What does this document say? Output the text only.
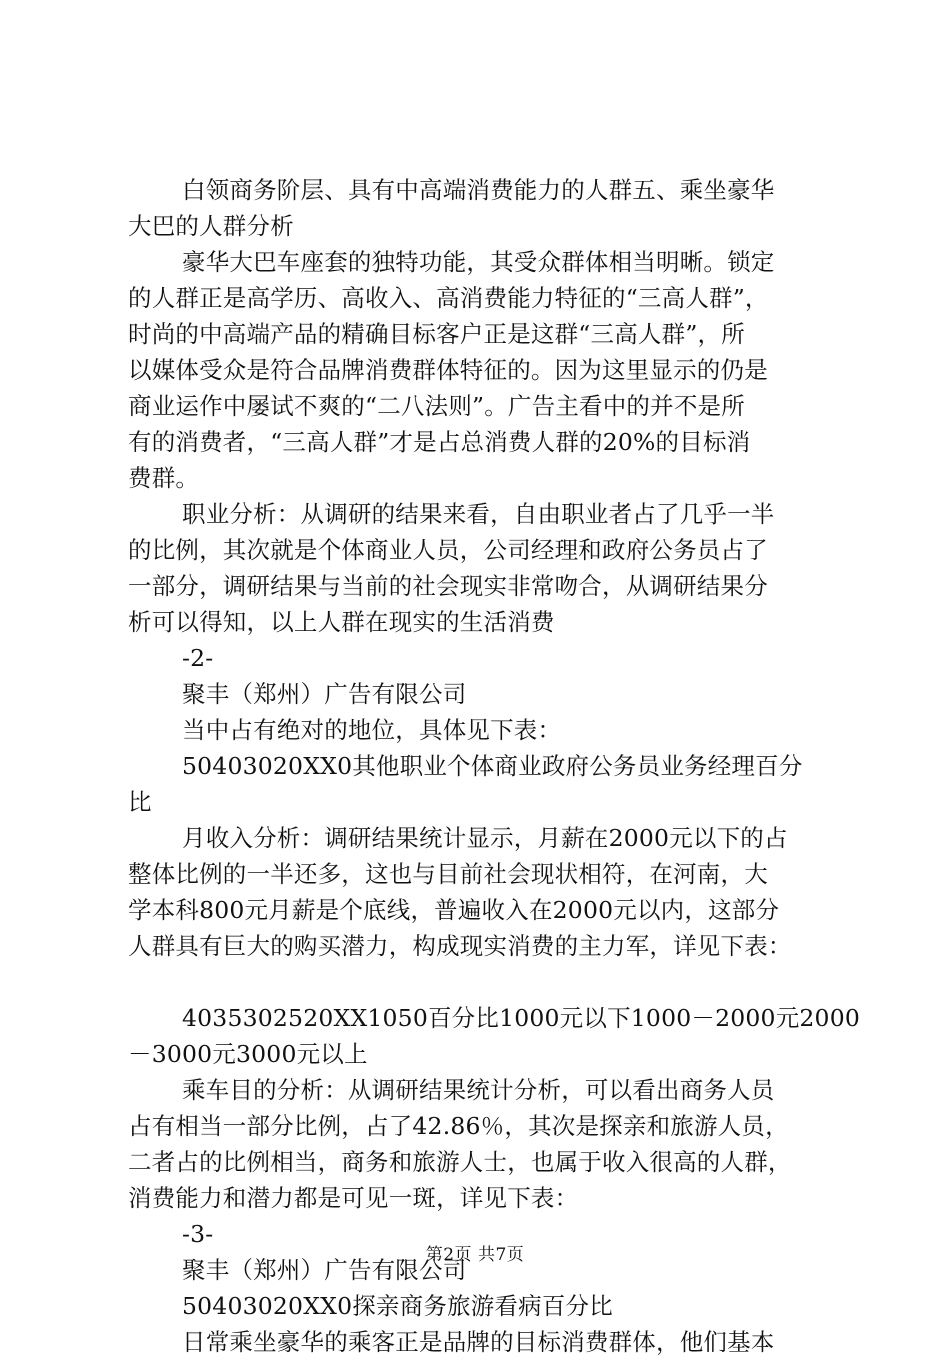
白领商务阶层、具有中高端消费能力的人群五、乘坐豪华
大巴的人群分析
豪华大巴车座套的独特功能，其受众群体相当明晰。锁定
的人群正是高学历、高收入、高消费能力特征的“三高人群”，
时尚的中高端产品的精确目标客户正是这群“三高人群”，所
以媒体受众是符合品牌消费群体特征的。因为这里显示的仍是
商业运作中屡试不爽的“二八法则”。广告主看中的并不是所
有的消费者，“三高人群”才是占总消费人群的20%的目标消
费群。
职业分析：从调研的结果来看，自由职业者占了几乎一半
的比例，其次就是个体商业人员，公司经理和政府公务员占了
一部分，调研结果与当前的社会现实非常吻合，从调研结果分
析可以得知，以上人群在现实的生活消费
-2-
聚丰（郑州）广告有限公司
当中占有绝对的地位，具体见下表：
50403020XX0其他职业个体商业政府公务员业务经理百分
比
月收入分析：调研结果统计显示，月薪在2000元以下的占
整体比例的一半还多，这也与目前社会现状相符，在河南，大
学本科800元月薪是个底线，普遍收入在2000元以内，这部分
人群具有巨大的购买潜力，构成现实消费的主力军，详见下表：
4035302520XX1050百分比1000元以下1000－2000元2000
－3000元3000元以上
乘车目的分析：从调研结果统计分析，可以看出商务人员
占有相当一部分比例，占了42.86％，其次是探亲和旅游人员，
二者占的比例相当，商务和旅游人士，也属于收入很高的人群，
消费能力和潜力都是可见一斑，详见下表：
-3-
聚丰（郑州）广告有限公司
50403020XX0探亲商务旅游看病百分比
日常乘坐豪华的乘客正是品牌的目标消费群体，他们基本
第2页 共7页
